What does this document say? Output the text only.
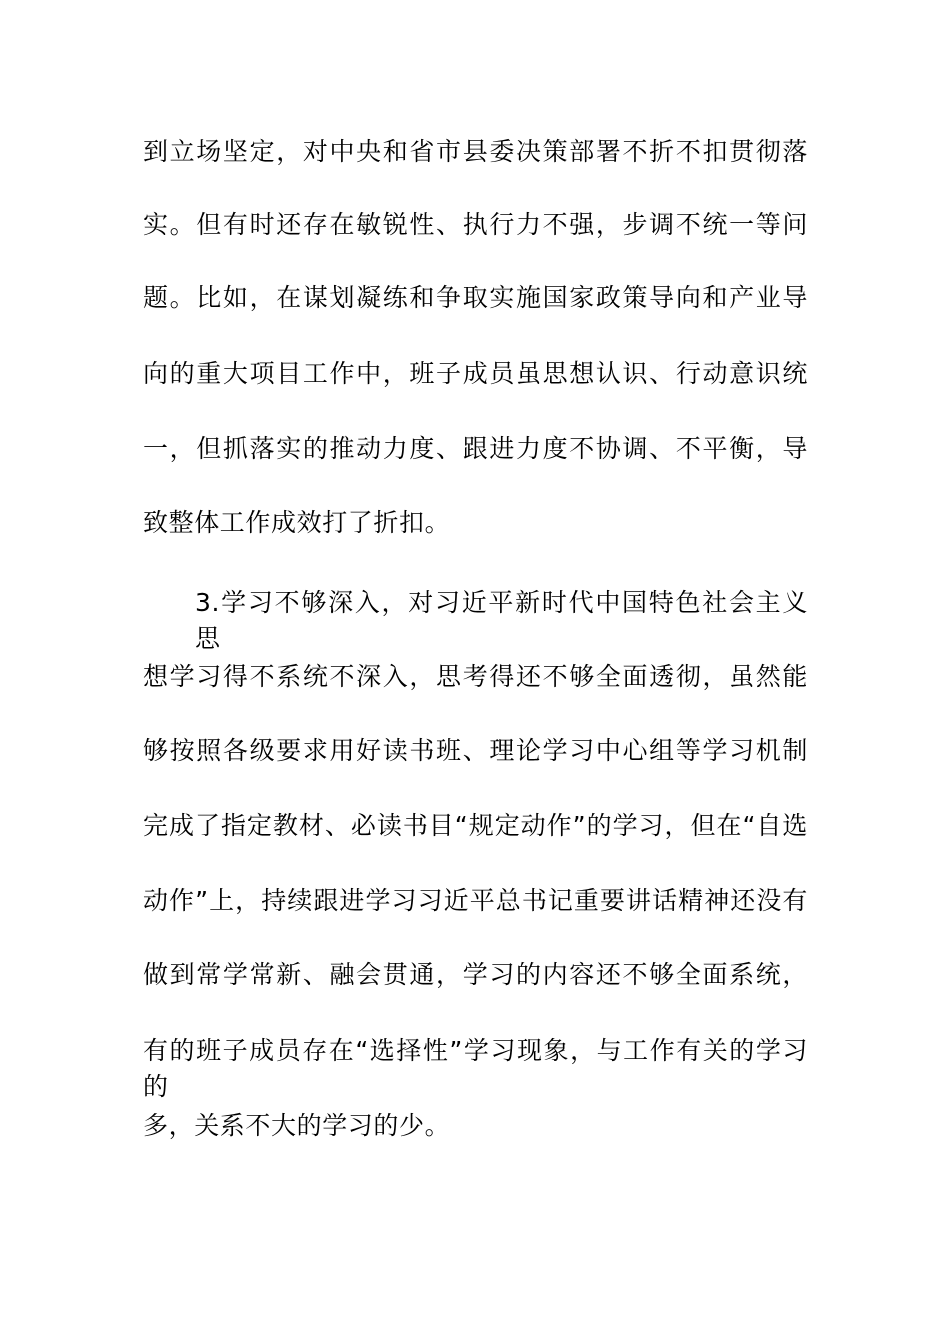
到立场坚定，对中央和省市县委决策部署不折不扣贯彻落
实。但有时还存在敏锐性、执行力不强，步调不统一等问
题。比如，在谋划凝练和争取实施国家政策导向和产业导
向的重大项目工作中，班子成员虽思想认识、行动意识统
一，但抓落实的推动力度、跟进力度不协调、不平衡，导
致整体工作成效打了折扣。
3.学习不够深入，对习近平新时代中国特色社会主义思
想学习得不系统不深入，思考得还不够全面透彻，虽然能
够按照各级要求用好读书班、理论学习中心组等学习机制
完成了指定教材、必读书目“规定动作”的学习，但在“自选
动作”上，持续跟进学习习近平总书记重要讲话精神还没有
做到常学常新、融会贯通，学习的内容还不够全面系统，
有的班子成员存在“选择性”学习现象，与工作有关的学习的
多，关系不大的学习的少。
